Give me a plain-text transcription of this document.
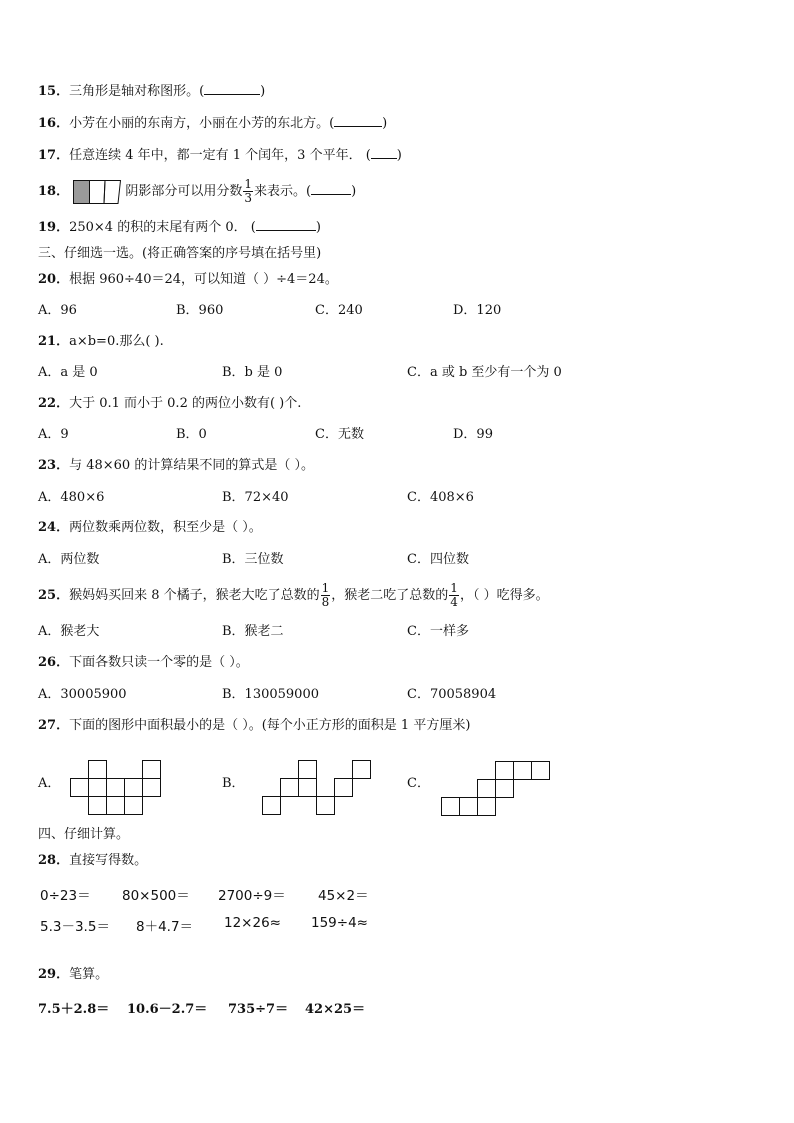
15．三角形是轴对称图形。(	)
16．小芳在小丽的东南方，小丽在小芳的东北方。(	)
17．任意连续 4 年中，都一定有 1 个闰年，3 个平年． ( )
18．	阴影部分可以用分数 $\frac{1}{3}$ 来表示。(	)
19．250×4 的积的末尾有两个 0． (	)
三、仔细选一选。(将正确答案的序号填在括号里)
20．根据 960÷40＝24，可以知道（ ）÷4＝24。
A．96	B．960	C．240	D．120
21．a×b=0.那么( ).
A．a 是 0	B．b 是 0	C．a 或 b 至少有一个为 0
22．大于 0.1 而小于 0.2 的两位小数有( )个.
A．9	B．0	C．无数	D．99
23．与 48×60 的计算结果不同的算式是（ ）。
A．480×6	B．72×40	C．408×6
24．两位数乘两位数，积至少是（ ）。
A．两位数	B．三位数	C．四位数
25．猴妈妈买回来 8 个橘子，猴老大吃了总数的 $\frac{1}{8}$ ，猴老二吃了总数的 $\frac{1}{4}$ ，（ ）吃得多。
A．猴老大	B．猴老二	C．一样多
26．下面各数只读一个零的是（ ）。
A．30005900	B．130059000	C．70058904
27．下面的图形中面积最小的是（ ）。(每个小正方形的面积是 1 平方厘米)
A．	B．	C．
四、仔细计算。
28．直接写得数。
0÷23＝ 80×500＝ 2700÷9＝ 45×2＝
5.3－3.5＝ 8＋4.7＝ 12×26≈ 159÷4≈
29．笔算。
7.5＋2.8＝ 10.6－2.7＝ 735÷7＝ 42×25＝
